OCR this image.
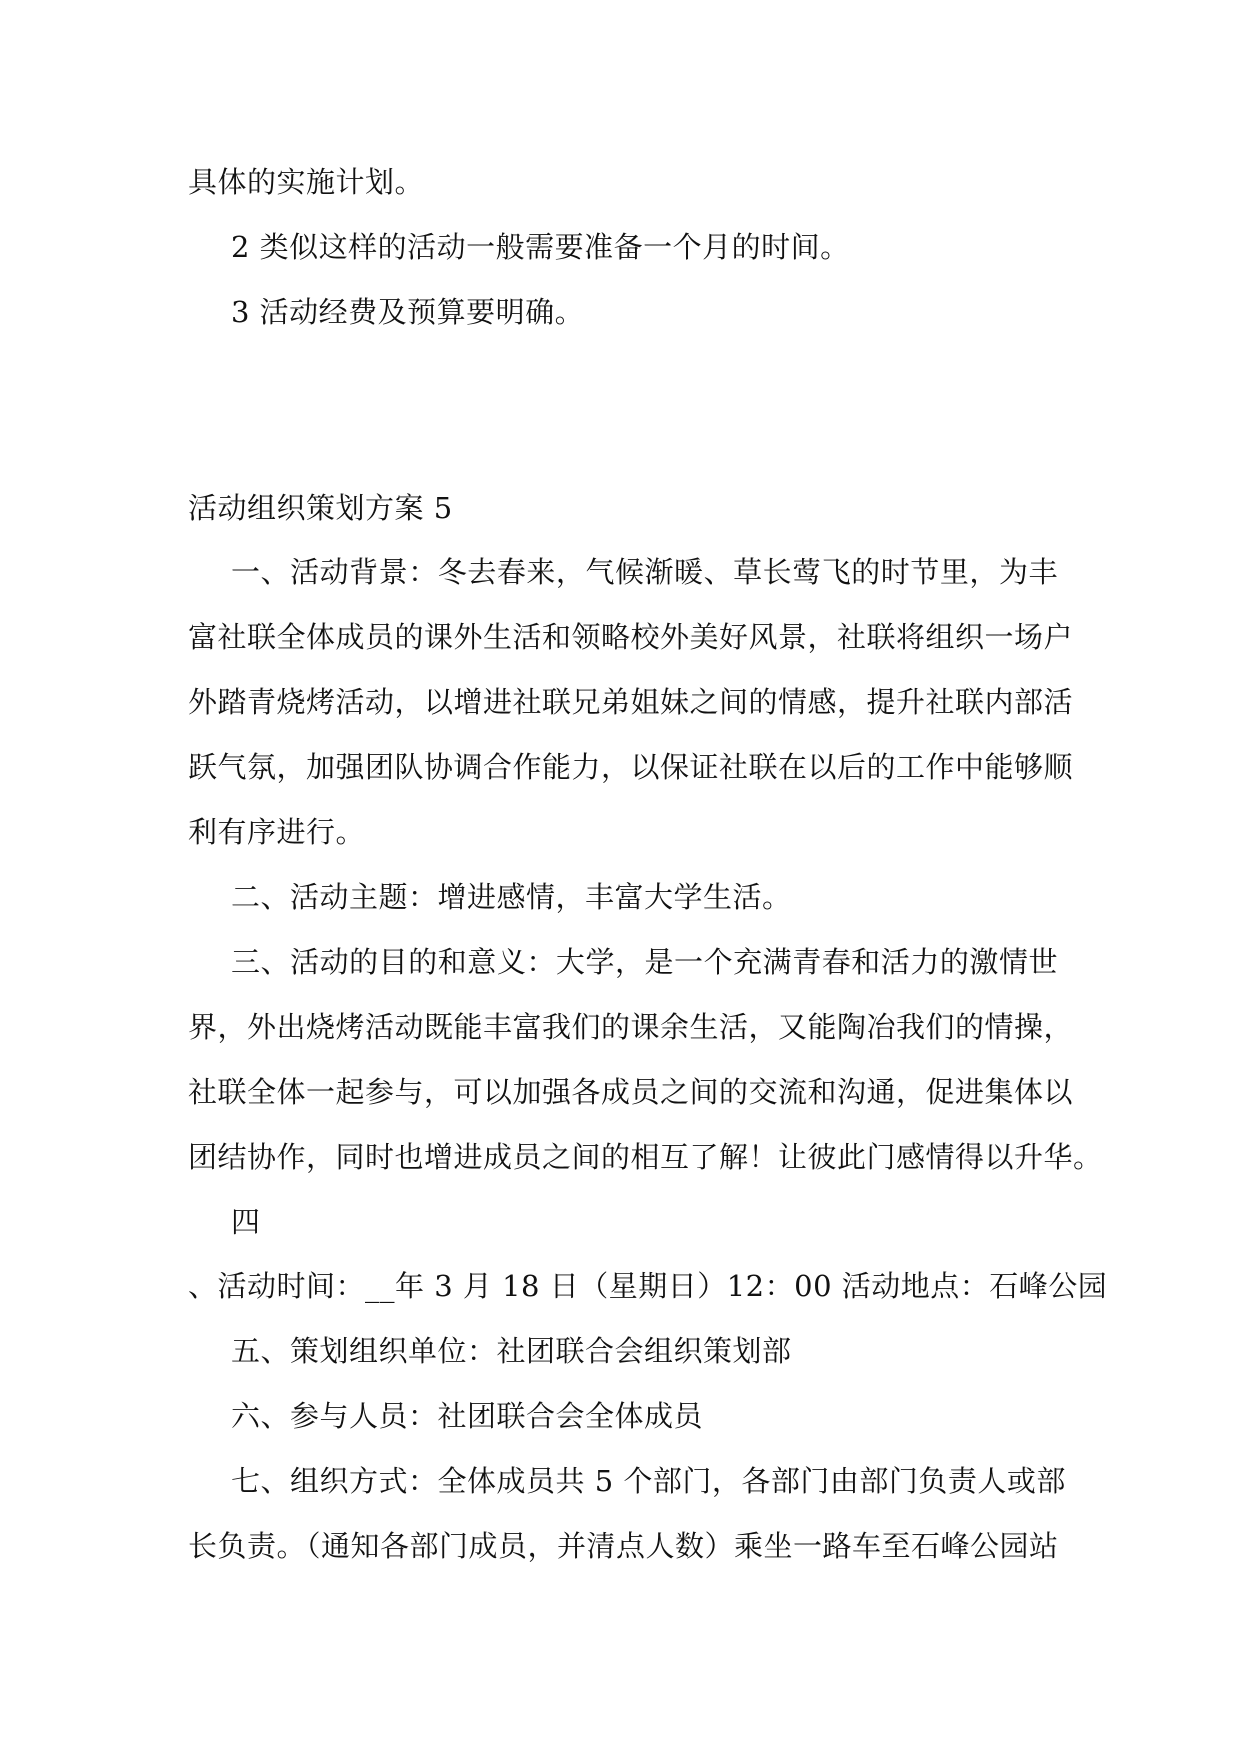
具体的实施计划。
2 类似这样的活动一般需要准备一个月的时间。
3 活动经费及预算要明确。
活动组织策划方案 5
一、活动背景：冬去春来，气候渐暖、草长莺飞的时节里，为丰
富社联全体成员的课外生活和领略校外美好风景，社联将组织一场户
外踏青烧烤活动，以增进社联兄弟姐妹之间的情感，提升社联内部活
跃气氛，加强团队协调合作能力，以保证社联在以后的工作中能够顺
利有序进行。
二、活动主题：增进感情，丰富大学生活。
三、活动的目的和意义：大学，是一个充满青春和活力的激情世
界，外出烧烤活动既能丰富我们的课余生活，又能陶冶我们的情操，
社联全体一起参与，可以加强各成员之间的交流和沟通，促进集体以
团结协作，同时也增进成员之间的相互了解！让彼此门感情得以升华。
四
、活动时间：__年 3 月 18 日（星期日）12：00 活动地点：石峰公园
五、策划组织单位：社团联合会组织策划部
六、参与人员：社团联合会全体成员
七、组织方式：全体成员共 5 个部门，各部门由部门负责人或部
长负责。（通知各部门成员，并清点人数）乘坐一路车至石峰公园站
